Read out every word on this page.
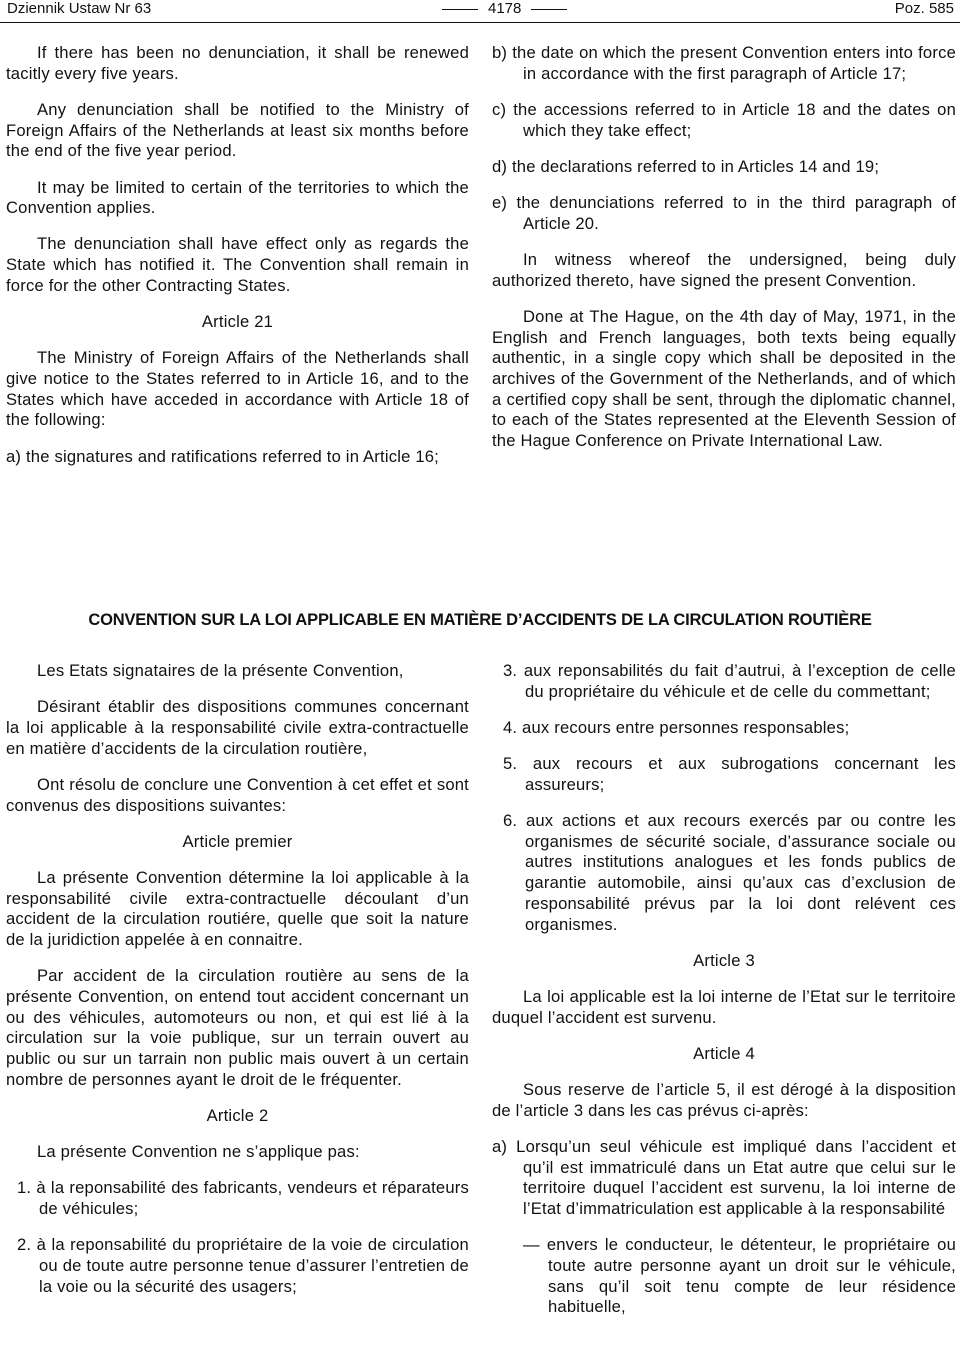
Dziennik Ustaw Nr 63	4178	Poz. 585

If there has been no denunciation, it shall be renewed tacitly every five years.

Any denunciation shall be notified to the Ministry of Foreign Affairs of the Netherlands at least six months before the end of the five year period.

It may be limited to certain of the territories to which the Convention applies.

The denunciation shall have effect only as regards the State which has notified it. The Convention shall remain in force for the other Contracting States.

Article 21

The Ministry of Foreign Affairs of the Netherlands shall give notice to the States referred to in Article 16, and to the States which have acceded in accordance with Article 18 of the following:

a) the signatures and ratifications referred to in Article 16;

b) the date on which the present Convention enters into force in accordance with the first paragraph of Article 17;

c) the accessions referred to in Article 18 and the dates on which they take effect;

d) the declarations referred to in Articles 14 and 19;

e) the denunciations referred to in the third paragraph of Article 20.

In witness whereof the undersigned, being duly authorized thereto, have signed the present Convention.

Done at The Hague, on the 4th day of May, 1971, in the English and French languages, both texts being equally authentic, in a single copy which shall be deposited in the archives of the Government of the Netherlands, and of which a certified copy shall be sent, through the diplomatic channel, to each of the States represented at the Eleventh Session of the Hague Conference on Private International Law.

CONVENTION SUR LA LOI APPLICABLE EN MATIÈRE D’ACCIDENTS DE LA CIRCULATION ROUTIÈRE

Les Etats signataires de la présente Convention,

Désirant établir des dispositions communes concernant la loi applicable à la responsabilité civile extra-contractuelle en matière d’accidents de la circulation routière,

Ont résolu de conclure une Convention à cet effet et sont convenus des dispositions suivantes:

Article premier

La présente Convention détermine la loi applicable à la responsabilité civile extra-contractuelle découlant d’un accident de la circulation routiére, quelle que soit la nature de la juridiction appelée à en connaitre.

Par accident de la circulation routière au sens de la présente Convention, on entend tout accident concernant un ou des véhicules, automoteurs ou non, et qui est lié à la circulation sur la voie publique, sur un terrain ouvert au public ou sur un tarrain non public mais ouvert à un certain nombre de personnes ayant le droit de le fréquenter.

Article 2

La présente Convention ne s’applique pas:

1. à la reponsabilité des fabricants, vendeurs et réparateurs de véhicules;

2. à la reponsabilité du propriétaire de la voie de circulation ou de toute autre personne tenue d’assurer l’entretien de la voie ou la sécurité des usagers;

3. aux reponsabilités du fait d’autrui, à l’exception de celle du propriétaire du véhicule et de celle du commettant;

4. aux recours entre personnes responsables;

5. aux recours et aux subrogations concernant les assureurs;

6. aux actions et aux recours exercés par ou contre les organismes de sécurité sociale, d’assurance sociale ou autres institutions analogues et les fonds publics de garantie automobile, ainsi qu’aux cas d’exclusion de responsabilité prévus par la loi dont relévent ces organismes.

Article 3

La loi applicable est la loi interne de l’Etat sur le territoire duquel l’accident est survenu.

Article 4

Sous reserve de l’article 5, il est dérogé à la disposition de l’article 3 dans les cas prévus ci-après:

a) Lorsqu’un seul véhicule est impliqué dans l’accident et qu’il est immatriculé dans un Etat autre que celui sur le territoire duquel l’accident est survenu, la loi interne de l’Etat d’immatriculation est applicable à la responsabilité

— envers le conducteur, le détenteur, le propriétaire ou toute autre personne ayant un droit sur le véhicule, sans qu’il soit tenu compte de leur résidence habituelle,
